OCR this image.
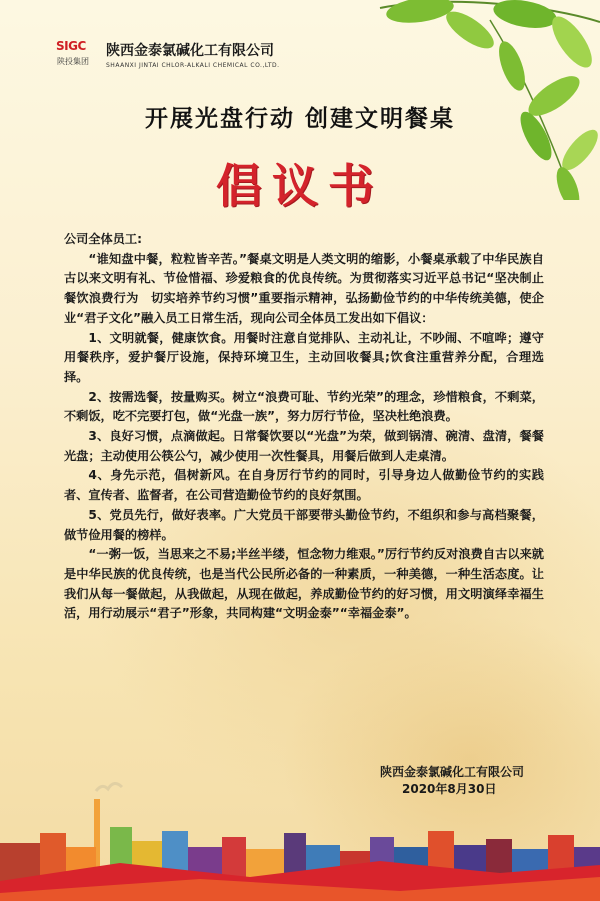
SIGC
陕投集团
陕西金泰氯碱化工有限公司
SHAANXI JINTAI CHLOR-ALKALI CHEMICAL CO.,LTD.
开展光盘行动 创建文明餐桌
倡议书

公司全体员工:

“谁知盘中餐，粒粒皆辛苦。”餐桌文明是人类文明的缩影，小餐桌承载了中华民族自古以来文明有礼、节俭惜福、珍爱粮食的优良传统。为贯彻落实习近平总书记“坚决制止餐饮浪费行为　切实培养节约习惯”重要指示精神，弘扬勤俭节约的中华传统美德，使企业“君子文化”融入员工日常生活，现向公司全体员工发出如下倡议：

1、文明就餐，健康饮食。用餐时注意自觉排队、主动礼让，不吵闹、不喧哗；遵守用餐秩序，爱护餐厅设施，保持环境卫生，主动回收餐具;饮食注重营养分配，合理选择。

2、按需选餐，按量购买。树立“浪费可耻、节约光荣”的理念，珍惜粮食，不剩菜，不剩饭，吃不完要打包，做“光盘一族”，努力厉行节俭，坚决杜绝浪费。

3、良好习惯，点滴做起。日常餐饮要以“光盘”为荣，做到锅清、碗清、盘清，餐餐光盘；主动使用公筷公勺，减少使用一次性餐具，用餐后做到人走桌清。

4、身先示范，倡树新风。在自身厉行节约的同时，引导身边人做勤俭节约的实践者、宣传者、监督者，在公司营造勤俭节约的良好氛围。

5、党员先行，做好表率。广大党员干部要带头勤俭节约，不组织和参与高档聚餐，做节俭用餐的榜样。

“一粥一饭，当思来之不易;半丝半缕，恒念物力维艰。”厉行节约反对浪费自古以来就是中华民族的优良传统，也是当代公民所必备的一种素质，一种美德，一种生活态度。让我们从每一餐做起，从我做起，从现在做起，养成勤俭节约的好习惯，用文明演绎幸福生活，用行动展示“君子”形象，共同构建“文明金泰”“幸福金泰”。

陕西金泰氯碱化工有限公司
2020年8月30日
